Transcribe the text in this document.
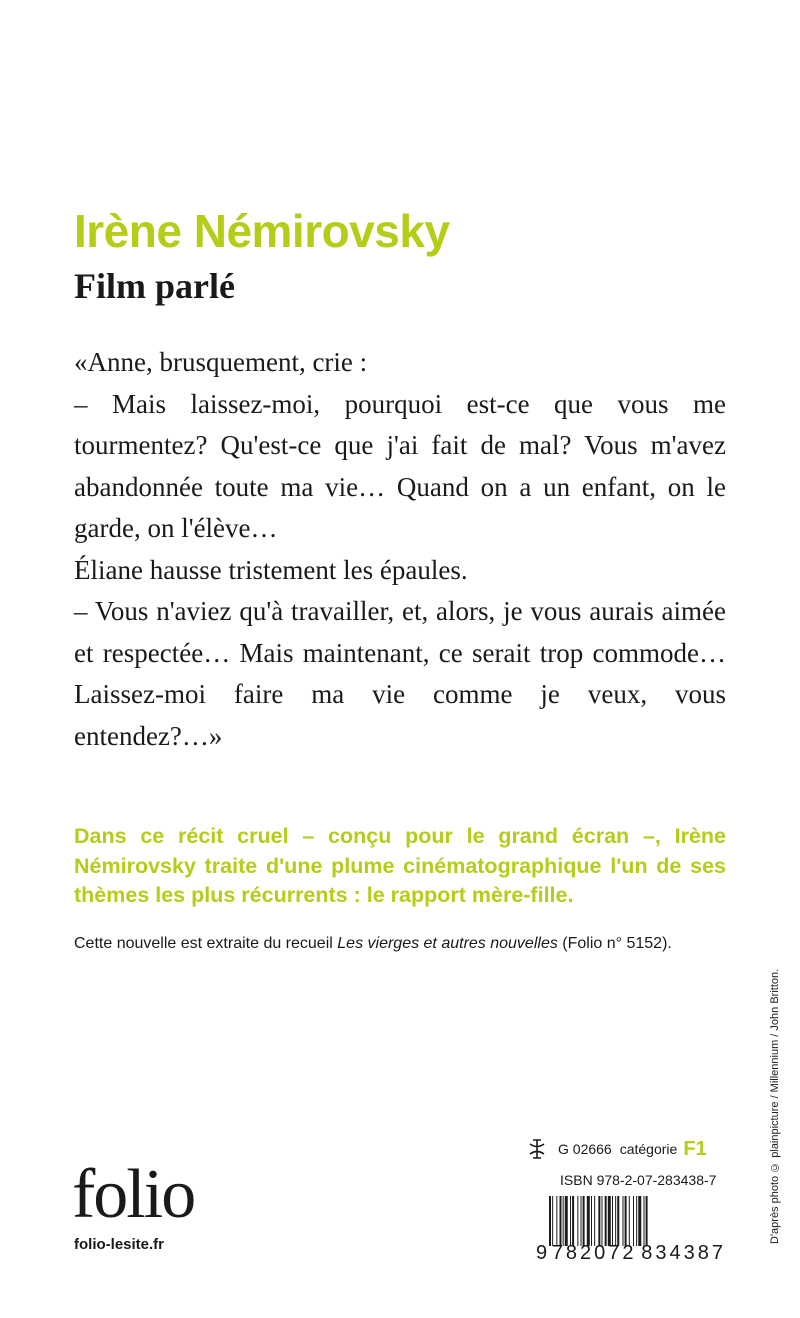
Irène Némirovsky
Film parlé

«Anne, brusquement, crie :

– Mais laissez-moi, pourquoi est-ce que vous me tourmentez? Qu'est-ce que j'ai fait de mal? Vous m'avez abandonnée toute ma vie… Quand on a un enfant, on le garde, on l'élève…

Éliane hausse tristement les épaules.

– Vous n'aviez qu'à travailler, et, alors, je vous aurais aimée et respectée… Mais maintenant, ce serait trop commode… Laissez-moi faire ma vie comme je veux, vous entendez?…»

Dans ce récit cruel – conçu pour le grand écran –, Irène Némirovsky traite d'une plume cinématographique l'un de ses thèmes les plus récurrents : le rapport mère-fille.

Cette nouvelle est extraite du recueil Les vierges et autres nouvelles (Folio n° 5152).

D'après photo © plainpicture / Millennium / John Britton.
G 02666 catégorie F1
ISBN 978-2-07-283438-7
9 782072 834387
folio
folio-lesite.fr
